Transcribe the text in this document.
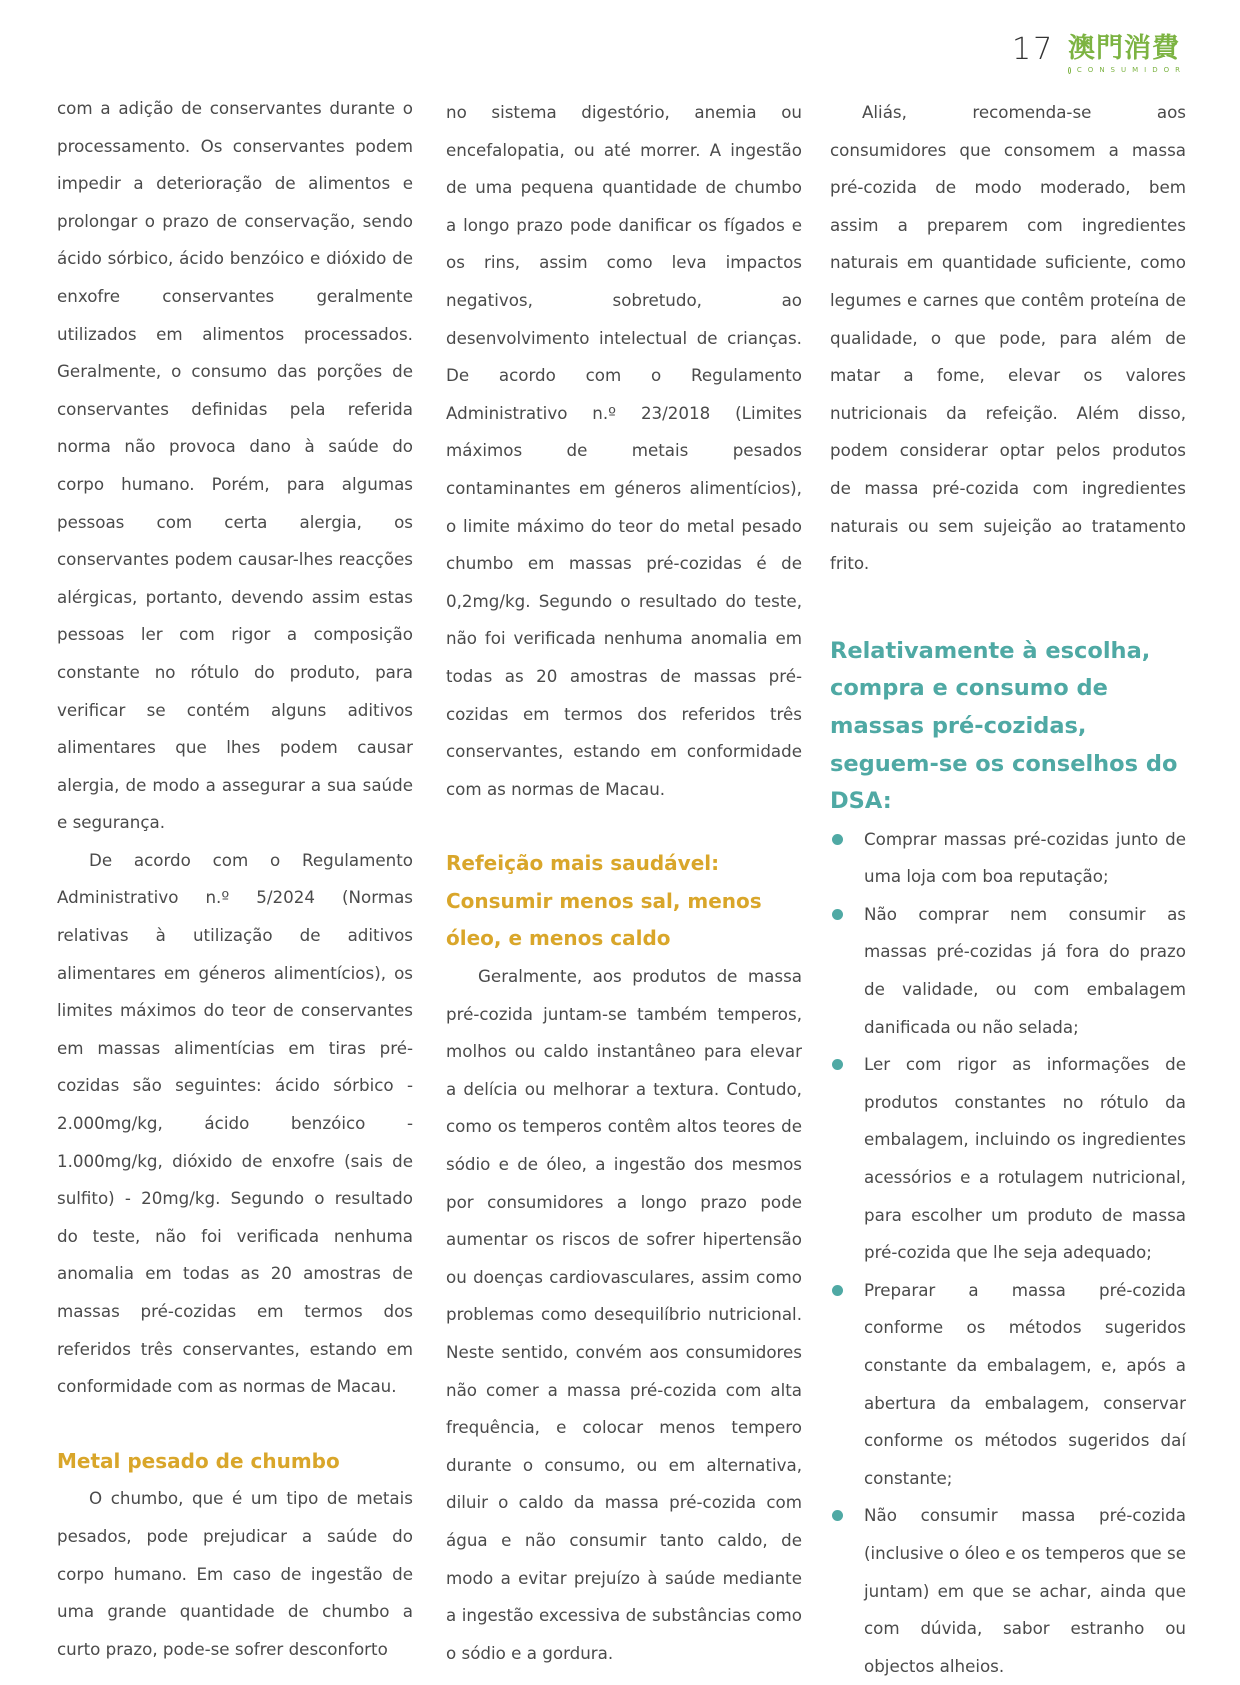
17 澳門消費
CONSUMIDOR

com a adição de conservantes durante o processamento. Os conservantes podem impedir a deterioração de alimentos e prolongar o prazo de conservação, sendo ácido sórbico, ácido benzóico e dióxido de enxofre conservantes geralmente utilizados em alimentos processados. Geralmente, o consumo das porções de conservantes definidas pela referida norma não provoca dano à saúde do corpo humano. Porém, para algumas pessoas com certa alergia, os conservantes podem causar-lhes reacções alérgicas, portanto, devendo assim estas pessoas ler com rigor a composição constante no rótulo do produto, para verificar se contém alguns aditivos alimentares que lhes podem causar alergia, de modo a assegurar a sua saúde e segurança.

De acordo com o Regulamento Administrativo n.º 5/2024 (Normas relativas à utilização de aditivos alimentares em géneros alimentícios), os limites máximos do teor de conservantes em massas alimentícias em tiras pré-cozidas são seguintes: ácido sórbico - 2.000mg/kg, ácido benzóico - 1.000mg/kg, dióxido de enxofre (sais de sulfito) - 20mg/kg. Segundo o resultado do teste, não foi verificada nenhuma anomalia em todas as 20 amostras de massas pré-cozidas em termos dos referidos três conservantes, estando em conformidade com as normas de Macau.

Metal pesado de chumbo

O chumbo, que é um tipo de metais pesados, pode prejudicar a saúde do corpo humano. Em caso de ingestão de uma grande quantidade de chumbo a curto prazo, pode-se sofrer desconforto

no sistema digestório, anemia ou encefalopatia, ou até morrer. A ingestão de uma pequena quantidade de chumbo a longo prazo pode danificar os fígados e os rins, assim como leva impactos negativos, sobretudo, ao desenvolvimento intelectual de crianças. De acordo com o Regulamento Administrativo n.º 23/2018 (Limites máximos de metais pesados contaminantes em géneros alimentícios), o limite máximo do teor do metal pesado chumbo em massas pré-cozidas é de 0,2mg/kg. Segundo o resultado do teste, não foi verificada nenhuma anomalia em todas as 20 amostras de massas pré-cozidas em termos dos referidos três conservantes, estando em conformidade com as normas de Macau.

Refeição mais saudável: Consumir menos sal, menos óleo, e menos caldo

Geralmente, aos produtos de massa pré-cozida juntam-se também temperos, molhos ou caldo instantâneo para elevar a delícia ou melhorar a textura. Contudo, como os temperos contêm altos teores de sódio e de óleo, a ingestão dos mesmos por consumidores a longo prazo pode aumentar os riscos de sofrer hipertensão ou doenças cardiovasculares, assim como problemas como desequilíbrio nutricional. Neste sentido, convém aos consumidores não comer a massa pré-cozida com alta frequência, e colocar menos tempero durante o consumo, ou em alternativa, diluir o caldo da massa pré-cozida com água e não consumir tanto caldo, de modo a evitar prejuízo à saúde mediante a ingestão excessiva de substâncias como o sódio e a gordura.

Aliás, recomenda-se aos consumidores que consomem a massa pré-cozida de modo moderado, bem assim a preparem com ingredientes naturais em quantidade suficiente, como legumes e carnes que contêm proteína de qualidade, o que pode, para além de matar a fome, elevar os valores nutricionais da refeição. Além disso, podem considerar optar pelos produtos de massa pré-cozida com ingredientes naturais ou sem sujeição ao tratamento frito.

Relativamente à escolha, compra e consumo de massas pré-cozidas, seguem-se os conselhos do DSA:
Comprar massas pré-cozidas junto de uma loja com boa reputação;
Não comprar nem consumir as massas pré-cozidas já fora do prazo de validade, ou com embalagem danificada ou não selada;
Ler com rigor as informações de produtos constantes no rótulo da embalagem, incluindo os ingredientes acessórios e a rotulagem nutricional, para escolher um produto de massa pré-cozida que lhe seja adequado;
Preparar a massa pré-cozida conforme os métodos sugeridos constante da embalagem, e, após a abertura da embalagem, conservar conforme os métodos sugeridos daí constante;
Não consumir massa pré-cozida (inclusive o óleo e os temperos que se juntam) em que se achar, ainda que com dúvida, sabor estranho ou objectos alheios.
